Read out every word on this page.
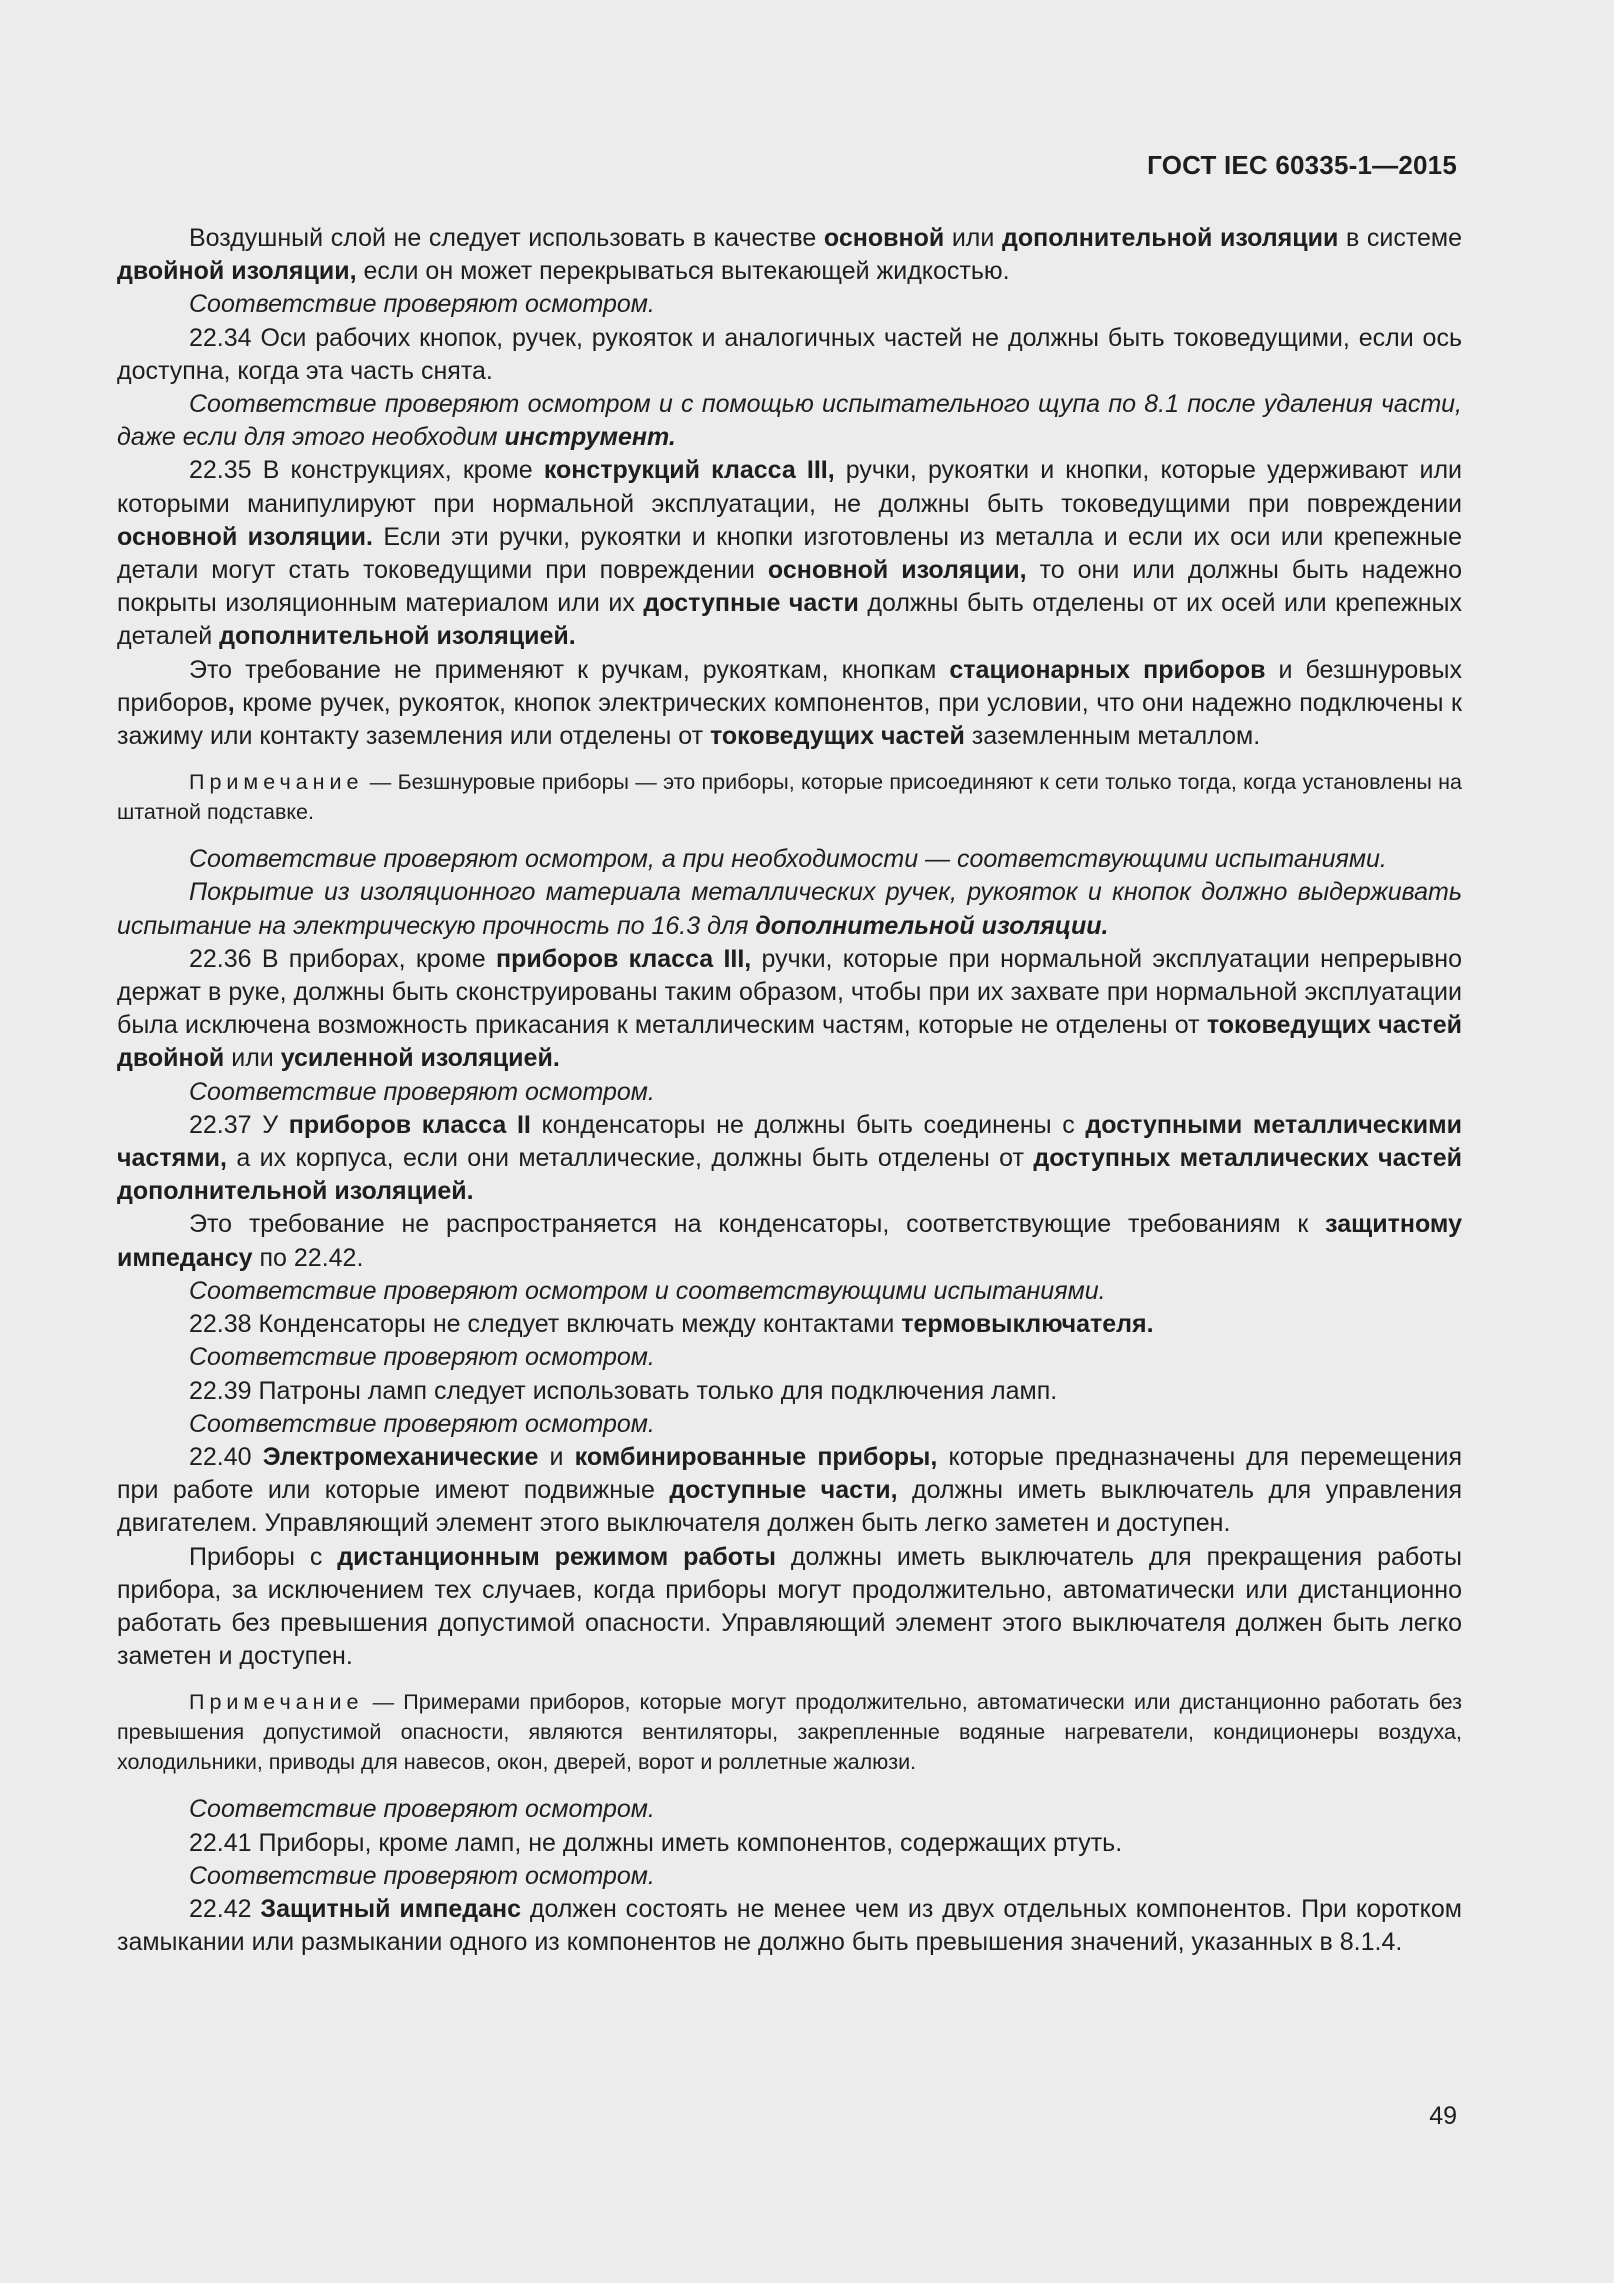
ГОСТ IEC 60335-1—2015

Воздушный слой не следует использовать в качестве основной или дополнительной изоляции в системе двойной изоляции, если он может перекрываться вытекающей жидкостью.

Соответствие проверяют осмотром.

22.34 Оси рабочих кнопок, ручек, рукояток и аналогичных частей не должны быть токоведущими, если ось доступна, когда эта часть снята.

Соответствие проверяют осмотром и с помощью испытательного щупа по 8.1 после удаления части, даже если для этого необходим инструмент.

22.35 В конструкциях, кроме конструкций класса III, ручки, рукоятки и кнопки, которые удерживают или которыми манипулируют при нормальной эксплуатации, не должны быть токоведущими при повреждении основной изоляции. Если эти ручки, рукоятки и кнопки изготовлены из металла и если их оси или крепежные детали могут стать токоведущими при повреждении основной изоляции, то они или должны быть надежно покрыты изоляционным материалом или их доступные части должны быть отделены от их осей или крепежных деталей дополнительной изоляцией.

Это требование не применяют к ручкам, рукояткам, кнопкам стационарных приборов и безшнуровых приборов, кроме ручек, рукояток, кнопок электрических компонентов, при условии, что они надежно подключены к зажиму или контакту заземления или отделены от токоведущих частей заземленным металлом.

Примечание — Безшнуровые приборы — это приборы, которые присоединяют к сети только тогда, когда установлены на штатной подставке.

Соответствие проверяют осмотром, а при необходимости — соответствующими испытаниями.

Покрытие из изоляционного материала металлических ручек, рукояток и кнопок должно выдерживать испытание на электрическую прочность по 16.3 для дополнительной изоляции.

22.36 В приборах, кроме приборов класса III, ручки, которые при нормальной эксплуатации непрерывно держат в руке, должны быть сконструированы таким образом, чтобы при их захвате при нормальной эксплуатации была исключена возможность прикасания к металлическим частям, которые не отделены от токоведущих частей двойной или усиленной изоляцией.

Соответствие проверяют осмотром.

22.37 У приборов класса II конденсаторы не должны быть соединены с доступными металлическими частями, а их корпуса, если они металлические, должны быть отделены от доступных металлических частей дополнительной изоляцией.

Это требование не распространяется на конденсаторы, соответствующие требованиям к защитному импедансу по 22.42.

Соответствие проверяют осмотром и соответствующими испытаниями.

22.38 Конденсаторы не следует включать между контактами термовыключателя.

Соответствие проверяют осмотром.

22.39 Патроны ламп следует использовать только для подключения ламп.

Соответствие проверяют осмотром.

22.40 Электромеханические и комбинированные приборы, которые предназначены для перемещения при работе или которые имеют подвижные доступные части, должны иметь выключатель для управления двигателем. Управляющий элемент этого выключателя должен быть легко заметен и доступен.

Приборы с дистанционным режимом работы должны иметь выключатель для прекращения работы прибора, за исключением тех случаев, когда приборы могут продолжительно, автоматически или дистанционно работать без превышения допустимой опасности. Управляющий элемент этого выключателя должен быть легко заметен и доступен.

Примечание — Примерами приборов, которые могут продолжительно, автоматически или дистанционно работать без превышения допустимой опасности, являются вентиляторы, закрепленные водяные нагреватели, кондиционеры воздуха, холодильники, приводы для навесов, окон, дверей, ворот и роллетные жалюзи.

Соответствие проверяют осмотром.

22.41 Приборы, кроме ламп, не должны иметь компонентов, содержащих ртуть.

Соответствие проверяют осмотром.

22.42 Защитный импеданс должен состоять не менее чем из двух отдельных компонентов. При коротком замыкании или размыкании одного из компонентов не должно быть превышения значений, указанных в 8.1.4.

49
